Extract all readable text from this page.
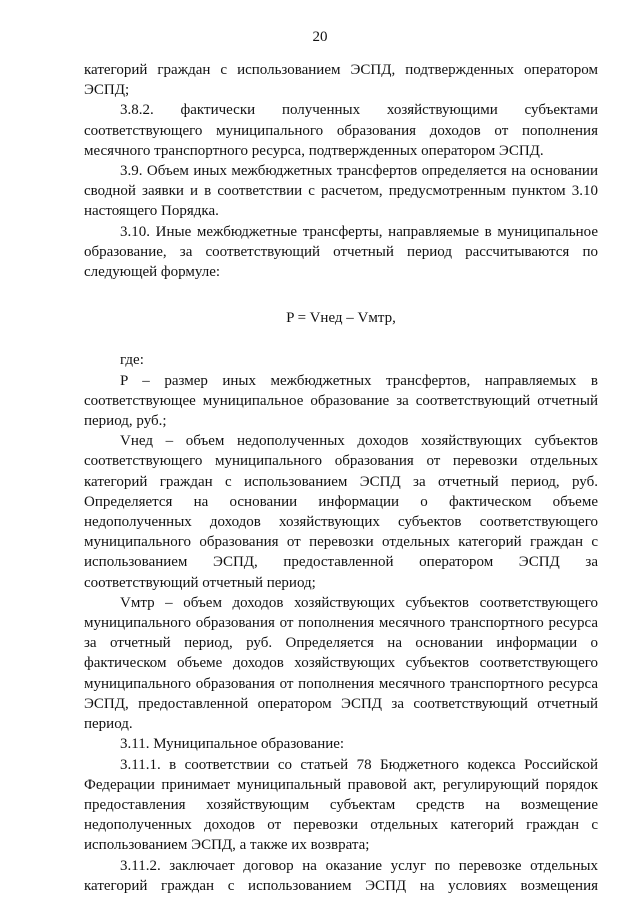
20

категорий граждан с использованием ЭСПД, подтвержденных оператором ЭСПД;

3.8.2. фактически полученных хозяйствующими субъектами соответствующего муниципального образования доходов от пополнения месячного транспортного ресурса, подтвержденных оператором ЭСПД.

3.9. Объем иных межбюджетных трансфертов определяется на основании сводной заявки и в соответствии с расчетом, предусмотренным пунктом 3.10 настоящего Порядка.

3.10. Иные межбюджетные трансферты, направляемые в муниципальное образование, за соответствующий отчетный период рассчитываются по следующей формуле:

P = Vнед – Vмтр,

где:

P – размер иных межбюджетных трансфертов, направляемых в соответствующее муниципальное образование за соответствующий отчетный период, руб.;

Vнед – объем недополученных доходов хозяйствующих субъектов соответствующего муниципального образования от перевозки отдельных категорий граждан с использованием ЭСПД за отчетный период, руб. Определяется на основании информации о фактическом объеме недополученных доходов хозяйствующих субъектов соответствующего муниципального образования от перевозки отдельных категорий граждан с использованием ЭСПД, предоставленной оператором ЭСПД за соответствующий отчетный период;

Vмтр – объем доходов хозяйствующих субъектов соответствующего муниципального образования от пополнения месячного транспортного ресурса за отчетный период, руб. Определяется на основании информации о фактическом объеме доходов хозяйствующих субъектов соответствующего муниципального образования от пополнения месячного транспортного ресурса ЭСПД, предоставленной оператором ЭСПД за соответствующий отчетный период.

3.11. Муниципальное образование:

3.11.1. в соответствии со статьей 78 Бюджетного кодекса Российской Федерации принимает муниципальный правовой акт, регулирующий порядок предоставления хозяйствующим субъектам средств на возмещение недополученных доходов от перевозки отдельных категорий граждан с использованием ЭСПД, а также их возврата;

3.11.2. заключает договор на оказание услуг по перевозке отдельных категорий граждан с использованием ЭСПД на условиях возмещения
